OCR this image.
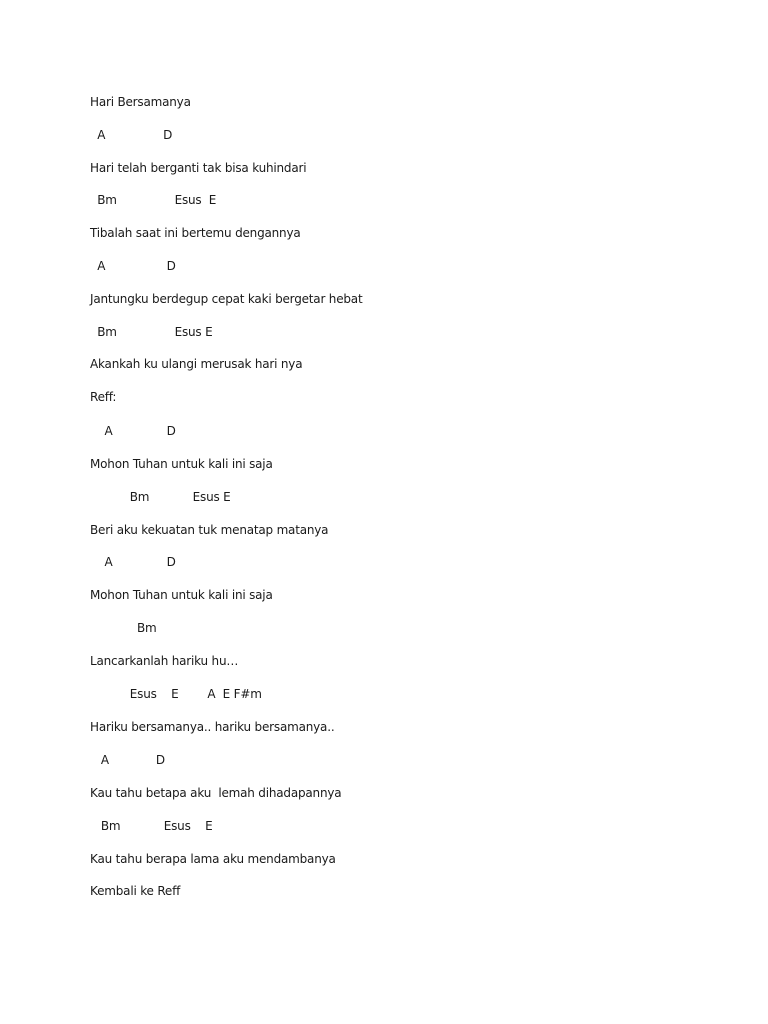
Hari Bersamanya

A                D

Hari telah berganti tak bisa kuhindari

Bm                Esus  E

Tibalah saat ini bertemu dengannya

A                 D

Jantungku berdegup cepat kaki bergetar hebat

Bm                Esus E

Akankah ku ulangi merusak hari nya

Reff:

A               D

Mohon Tuhan untuk kali ini saja

Bm            Esus E

Beri aku kekuatan tuk menatap matanya

A               D

Mohon Tuhan untuk kali ini saja

Bm

Lancarkanlah hariku hu…

Esus    E        A  E F#m

Hariku bersamanya.. hariku bersamanya..

A             D

Kau tahu betapa aku  lemah dihadapannya

Bm            Esus    E

Kau tahu berapa lama aku mendambanya

Kembali ke Reff
